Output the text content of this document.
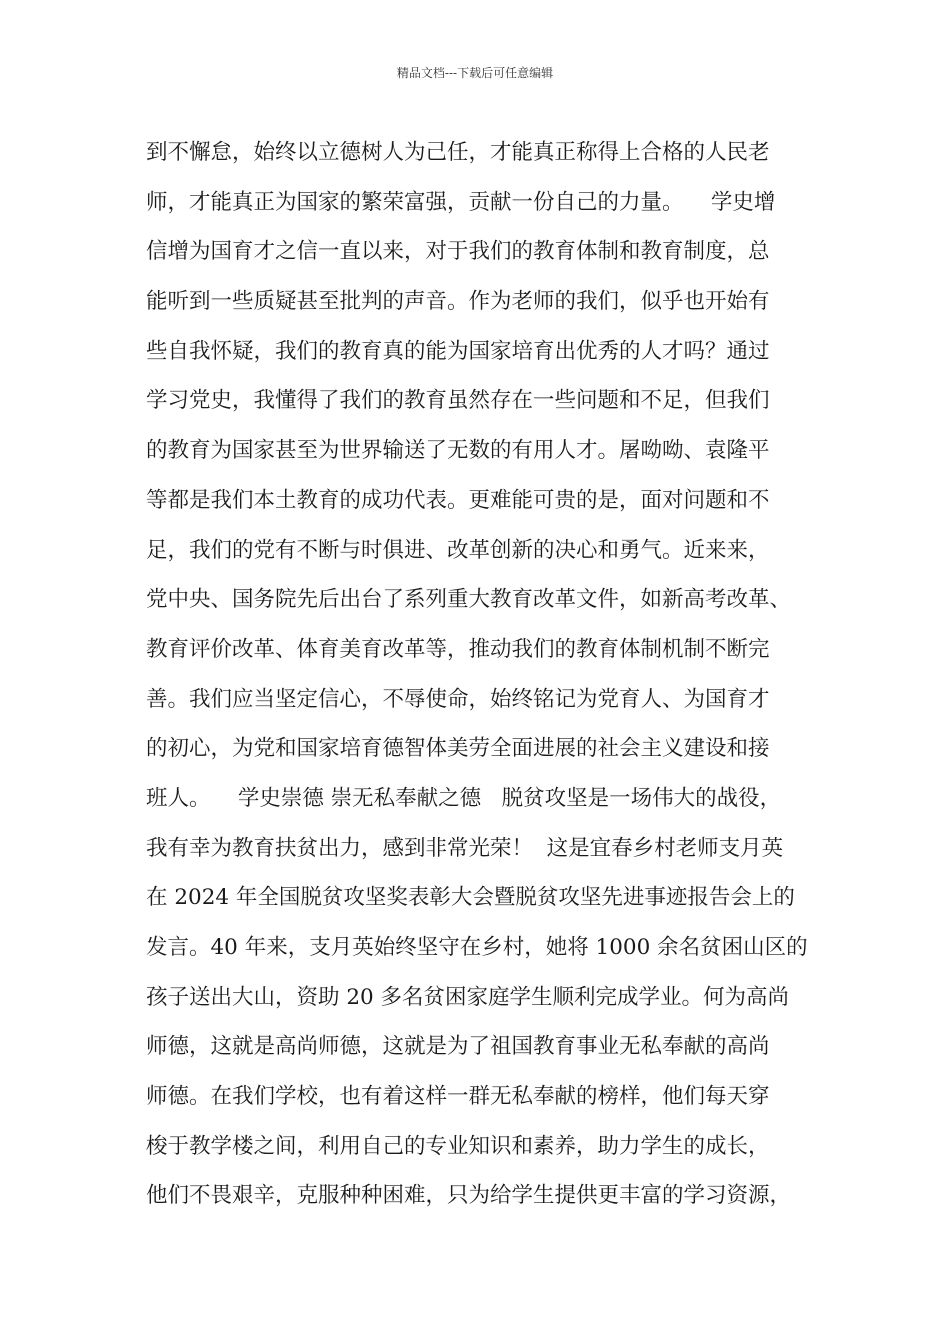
精品文档---下载后可任意编辑
到不懈怠，始终以立德树人为己任，才能真正称得上合格的人民老
师，才能真正为国家的繁荣富强，贡献一份自己的力量。    学史增
信增为国育才之信一直以来，对于我们的教育体制和教育制度，总
能听到一些质疑甚至批判的声音。作为老师的我们，似乎也开始有
些自我怀疑，我们的教育真的能为国家培育出优秀的人才吗？通过
学习党史，我懂得了我们的教育虽然存在一些问题和不足，但我们
的教育为国家甚至为世界输送了无数的有用人才。屠呦呦、袁隆平
等都是我们本土教育的成功代表。更难能可贵的是，面对问题和不
足，我们的党有不断与时俱进、改革创新的决心和勇气。近来来，
党中央、国务院先后出台了系列重大教育改革文件，如新高考改革、
教育评价改革、体育美育改革等，推动我们的教育体制机制不断完
善。我们应当坚定信心，不辱使命，始终铭记为党育人、为国育才
的初心，为党和国家培育德智体美劳全面进展的社会主义建设和接
班人。    学史崇德 崇无私奉献之德   脱贫攻坚是一场伟大的战役，
我有幸为教育扶贫出力，感到非常光荣！  这是宜春乡村老师支月英
在 2024 年全国脱贫攻坚奖表彰大会暨脱贫攻坚先进事迹报告会上的
发言。40 年来，支月英始终坚守在乡村，她将 1000 余名贫困山区的
孩子送出大山，资助 20 多名贫困家庭学生顺利完成学业。何为高尚
师德，这就是高尚师德，这就是为了祖国教育事业无私奉献的高尚
师德。在我们学校，也有着这样一群无私奉献的榜样，他们每天穿
梭于教学楼之间，利用自己的专业知识和素养，助力学生的成长，
他们不畏艰辛，克服种种困难，只为给学生提供更丰富的学习资源，
